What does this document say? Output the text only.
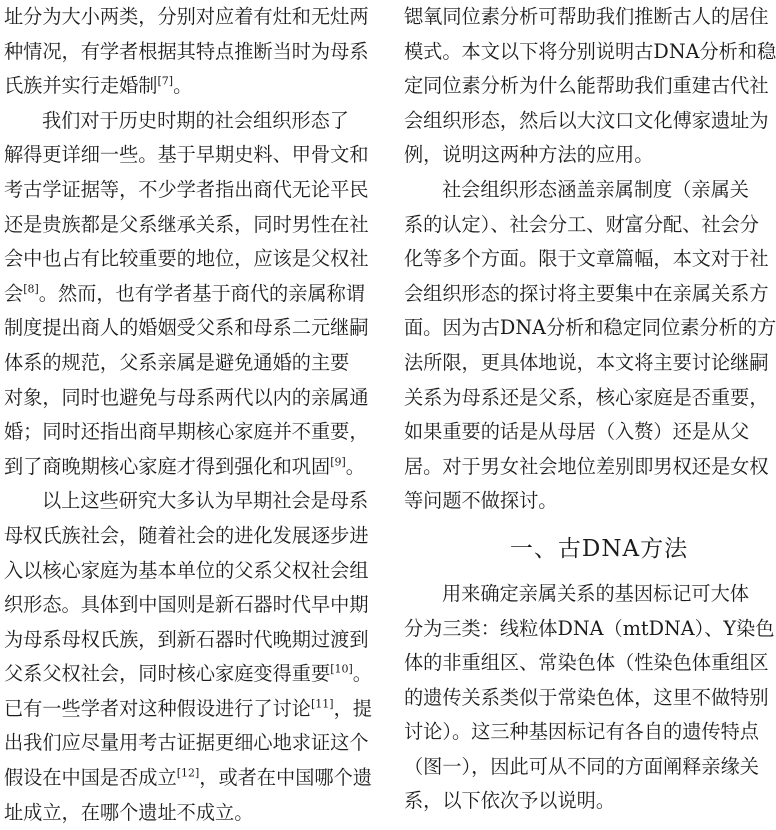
址分为大小两类，分别对应着有灶和无灶两
种情况，有学者根据其特点推断当时为母系
氏族并实行走婚制[7]。
我们对于历史时期的社会组织形态了
解得更详细一些。基于早期史料、甲骨文和
考古学证据等，不少学者指出商代无论平民
还是贵族都是父系继承关系，同时男性在社
会中也占有比较重要的地位，应该是父权社
会[8]。然而，也有学者基于商代的亲属称谓
制度提出商人的婚姻受父系和母系二元继嗣
体系的规范，父系亲属是避免通婚的主要
对象，同时也避免与母系两代以内的亲属通
婚；同时还指出商早期核心家庭并不重要，
到了商晚期核心家庭才得到强化和巩固[9]。
以上这些研究大多认为早期社会是母系
母权氏族社会，随着社会的进化发展逐步进
入以核心家庭为基本单位的父系父权社会组
织形态。具体到中国则是新石器时代早中期
为母系母权氏族，到新石器时代晚期过渡到
父系父权社会，同时核心家庭变得重要[10]。
已有一些学者对这种假设进行了讨论[11]，提
出我们应尽量用考古证据更细心地求证这个
假设在中国是否成立[12]，或者在中国哪个遗
址成立，在哪个遗址不成立。
锶氧同位素分析可帮助我们推断古人的居住
模式。本文以下将分别说明古DNA分析和稳
定同位素分析为什么能帮助我们重建古代社
会组织形态，然后以大汶口文化傅家遗址为
例，说明这两种方法的应用。
社会组织形态涵盖亲属制度（亲属关
系的认定）、社会分工、财富分配、社会分
化等多个方面。限于文章篇幅，本文对于社
会组织形态的探讨将主要集中在亲属关系方
面。因为古DNA分析和稳定同位素分析的方
法所限，更具体地说，本文将主要讨论继嗣
关系为母系还是父系，核心家庭是否重要，
如果重要的话是从母居（入赘）还是从父
居。对于男女社会地位差别即男权还是女权
等问题不做探讨。
一、古DNA方法
用来确定亲属关系的基因标记可大体
分为三类：线粒体DNA（mtDNA）、Y染色
体的非重组区、常染色体（性染色体重组区
的遗传关系类似于常染色体，这里不做特别
讨论）。这三种基因标记有各自的遗传特点
（图一），因此可从不同的方面阐释亲缘关
系，以下依次予以说明。
